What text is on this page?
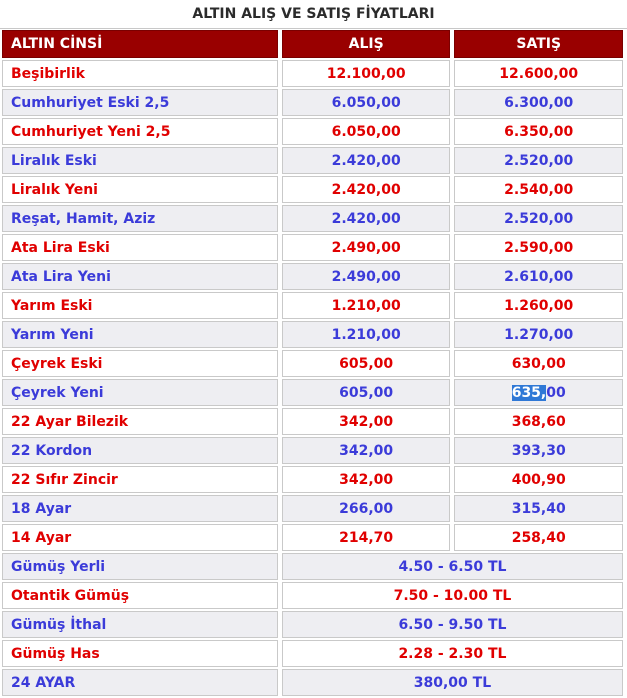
ALTIN ALIŞ VE SATIŞ FİYATLARI
ALTIN CİNSİ	ALIŞ	SATIŞ
Beşibirlik	12.100,00	12.600,00
Cumhuriyet Eski 2,5	6.050,00	6.300,00
Cumhuriyet Yeni 2,5	6.050,00	6.350,00
Liralık Eski	2.420,00	2.520,00
Liralık Yeni	2.420,00	2.540,00
Reşat, Hamit, Aziz	2.420,00	2.520,00
Ata Lira Eski	2.490,00	2.590,00
Ata Lira Yeni	2.490,00	2.610,00
Yarım Eski	1.210,00	1.260,00
Yarım Yeni	1.210,00	1.270,00
Çeyrek Eski	605,00	630,00
Çeyrek Yeni	605,00	635,00
22 Ayar Bilezik	342,00	368,60
22 Kordon	342,00	393,30
22 Sıfır Zincir	342,00	400,90
18 Ayar	266,00	315,40
14 Ayar	214,70	258,40
Gümüş Yerli	4.50 - 6.50 TL	
Otantik Gümüş	7.50 - 10.00 TL	
Gümüş İthal	6.50 - 9.50 TL	
Gümüş Has	2.28 - 2.30 TL	
24 AYAR	380,00 TL	
